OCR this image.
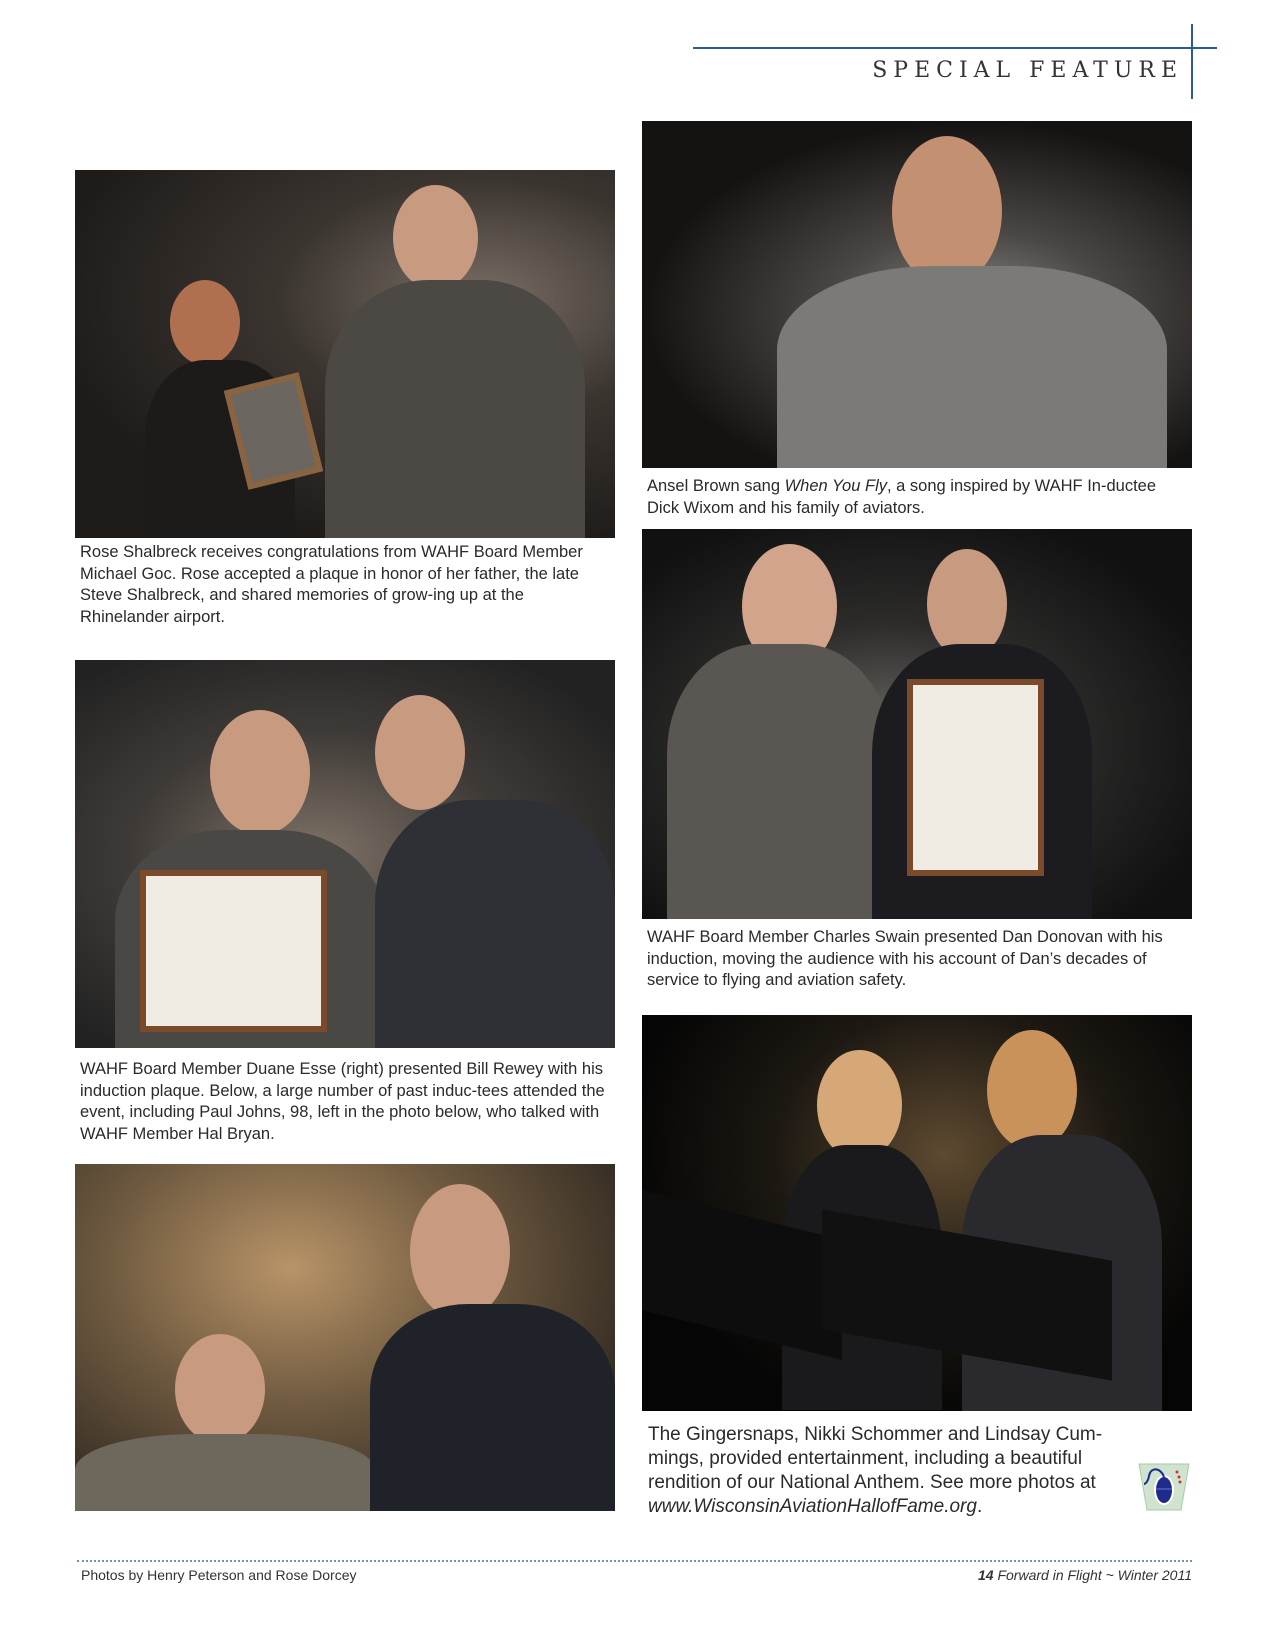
SPECIAL FEATURE
Rose Shalbreck receives congratulations from WAHF Board Member Michael Goc. Rose accepted a plaque in honor of her father, the late Steve Shalbreck, and shared memories of grow-ing up at the Rhinelander airport.
WAHF Board Member Duane Esse (right) presented Bill Rewey with his induction plaque. Below, a large number of past induc-tees attended the event, including Paul Johns, 98, left in the photo below, who talked with WAHF Member Hal Bryan.
Ansel Brown sang When You Fly, a song inspired by WAHF In-ductee Dick Wixom and his family of aviators.
WAHF Board Member Charles Swain presented Dan Donovan with his induction, moving the audience with his account of Dan’s decades of service to flying and aviation safety.
The Gingersnaps, Nikki Schommer and Lindsay Cum-mings, provided entertainment, including a beautiful rendition of our National Anthem. See more photos at www.WisconsinAviationHallofFame.org.
Photos by Henry Peterson and Rose Dorcey	14 Forward in Flight ~ Winter 2011
